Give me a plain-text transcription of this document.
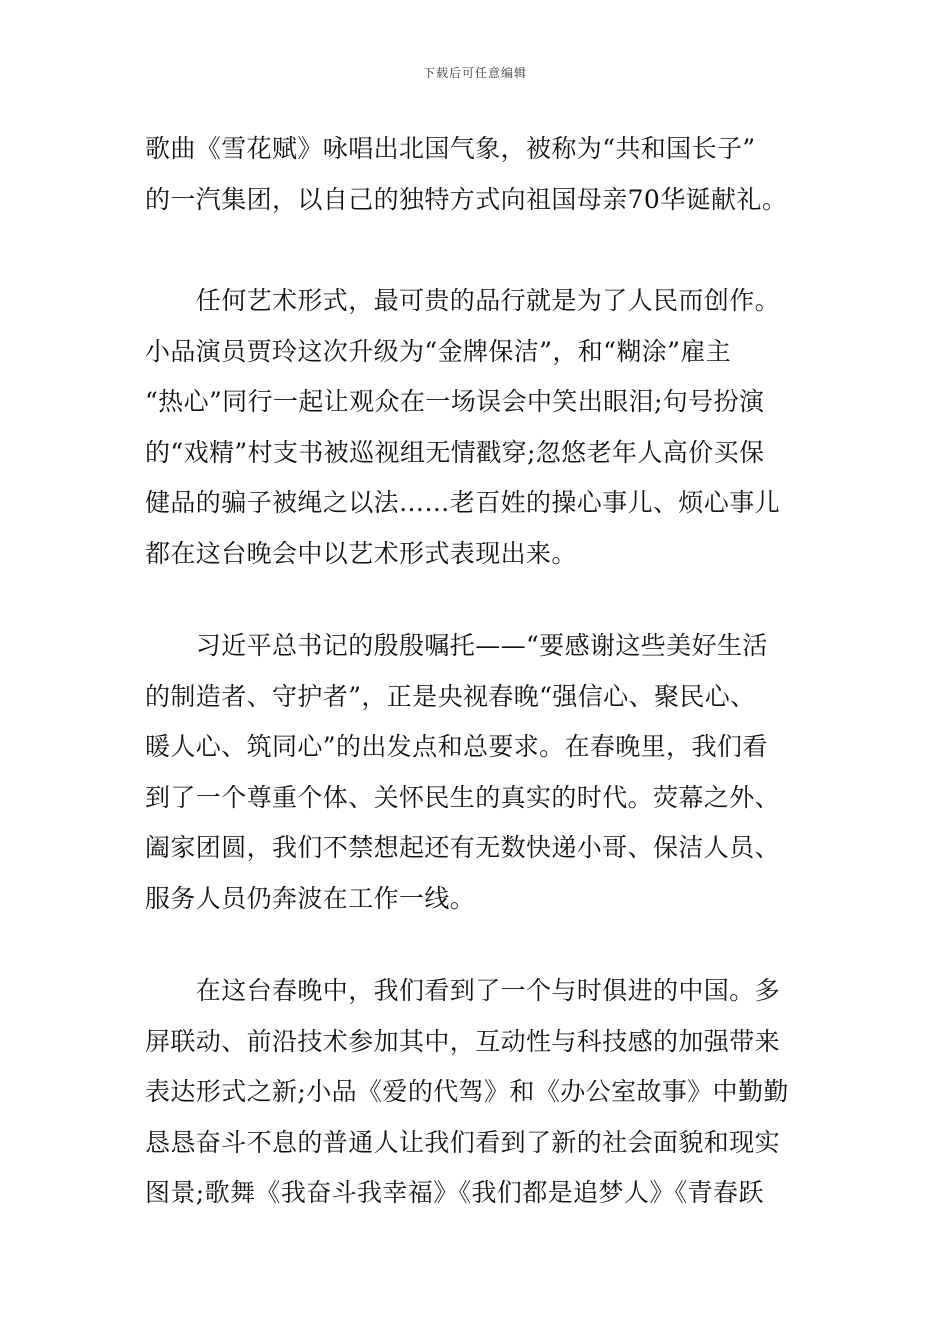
下载后可任意编辑

歌曲《雪花赋》咏唱出北国气象，被称为“共和国长子”
的一汽集团，以自己的独特方式向祖国母亲70华诞献礼。

　　任何艺术形式，最可贵的品行就是为了人民而创作。
小品演员贾玲这次升级为“金牌保洁”，和“糊涂”雇主
“热心”同行一起让观众在一场误会中笑出眼泪;句号扮演
的“戏精”村支书被巡视组无情戳穿;忽悠老年人高价买保
健品的骗子被绳之以法……老百姓的操心事儿、烦心事儿
都在这台晚会中以艺术形式表现出来。

　　习近平总书记的殷殷嘱托——“要感谢这些美好生活
的制造者、守护者”，正是央视春晚“强信心、聚民心、
暖人心、筑同心”的出发点和总要求。在春晚里，我们看
到了一个尊重个体、关怀民生的真实的时代。荧幕之外、
阖家团圆，我们不禁想起还有无数快递小哥、保洁人员、
服务人员仍奔波在工作一线。

　　在这台春晚中，我们看到了一个与时俱进的中国。多
屏联动、前沿技术参加其中，互动性与科技感的加强带来
表达形式之新;小品《爱的代驾》和《办公室故事》中勤勤
恳恳奋斗不息的普通人让我们看到了新的社会面貌和现实
图景;歌舞《我奋斗我幸福》《我们都是追梦人》《青春跃
